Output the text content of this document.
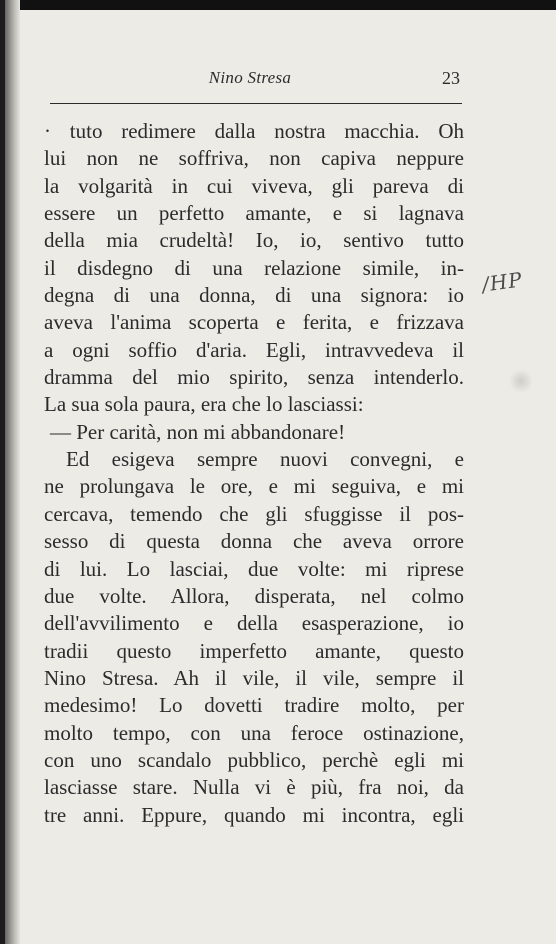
Nino Stresa	23
· tuto redimere dalla nostra macchia. Oh
lui non ne soffriva, non capiva neppure
la volgarità in cui viveva, gli pareva di
essere un perfetto amante, e si lagnava
della mia crudeltà! Io, io, sentivo tutto
il disdegno di una relazione simile, in-
degna di una donna, di una signora: io
aveva l'anima scoperta e ferita, e frizzava
a ogni soffio d'aria. Egli, intravvedeva il
dramma del mio spirito, senza intenderlo.
La sua sola paura, era che lo lasciassi:
— Per carità, non mi abbandonare!
Ed esigeva sempre nuovi convegni, e
ne prolungava le ore, e mi seguiva, e mi
cercava, temendo che gli sfuggisse il pos-
sesso di questa donna che aveva orrore
di lui. Lo lasciai, due volte: mi riprese
due volte. Allora, disperata, nel colmo
dell'avvilimento e della esasperazione, io
tradii questo imperfetto amante, questo
Nino Stresa. Ah il vile, il vile, sempre il
medesimo! Lo dovetti tradire molto, per
molto tempo, con una feroce ostinazione,
con uno scandalo pubblico, perchè egli mi
lasciasse stare. Nulla vi è più, fra noi, da
tre anni. Eppure, quando mi incontra, egli
/HP
